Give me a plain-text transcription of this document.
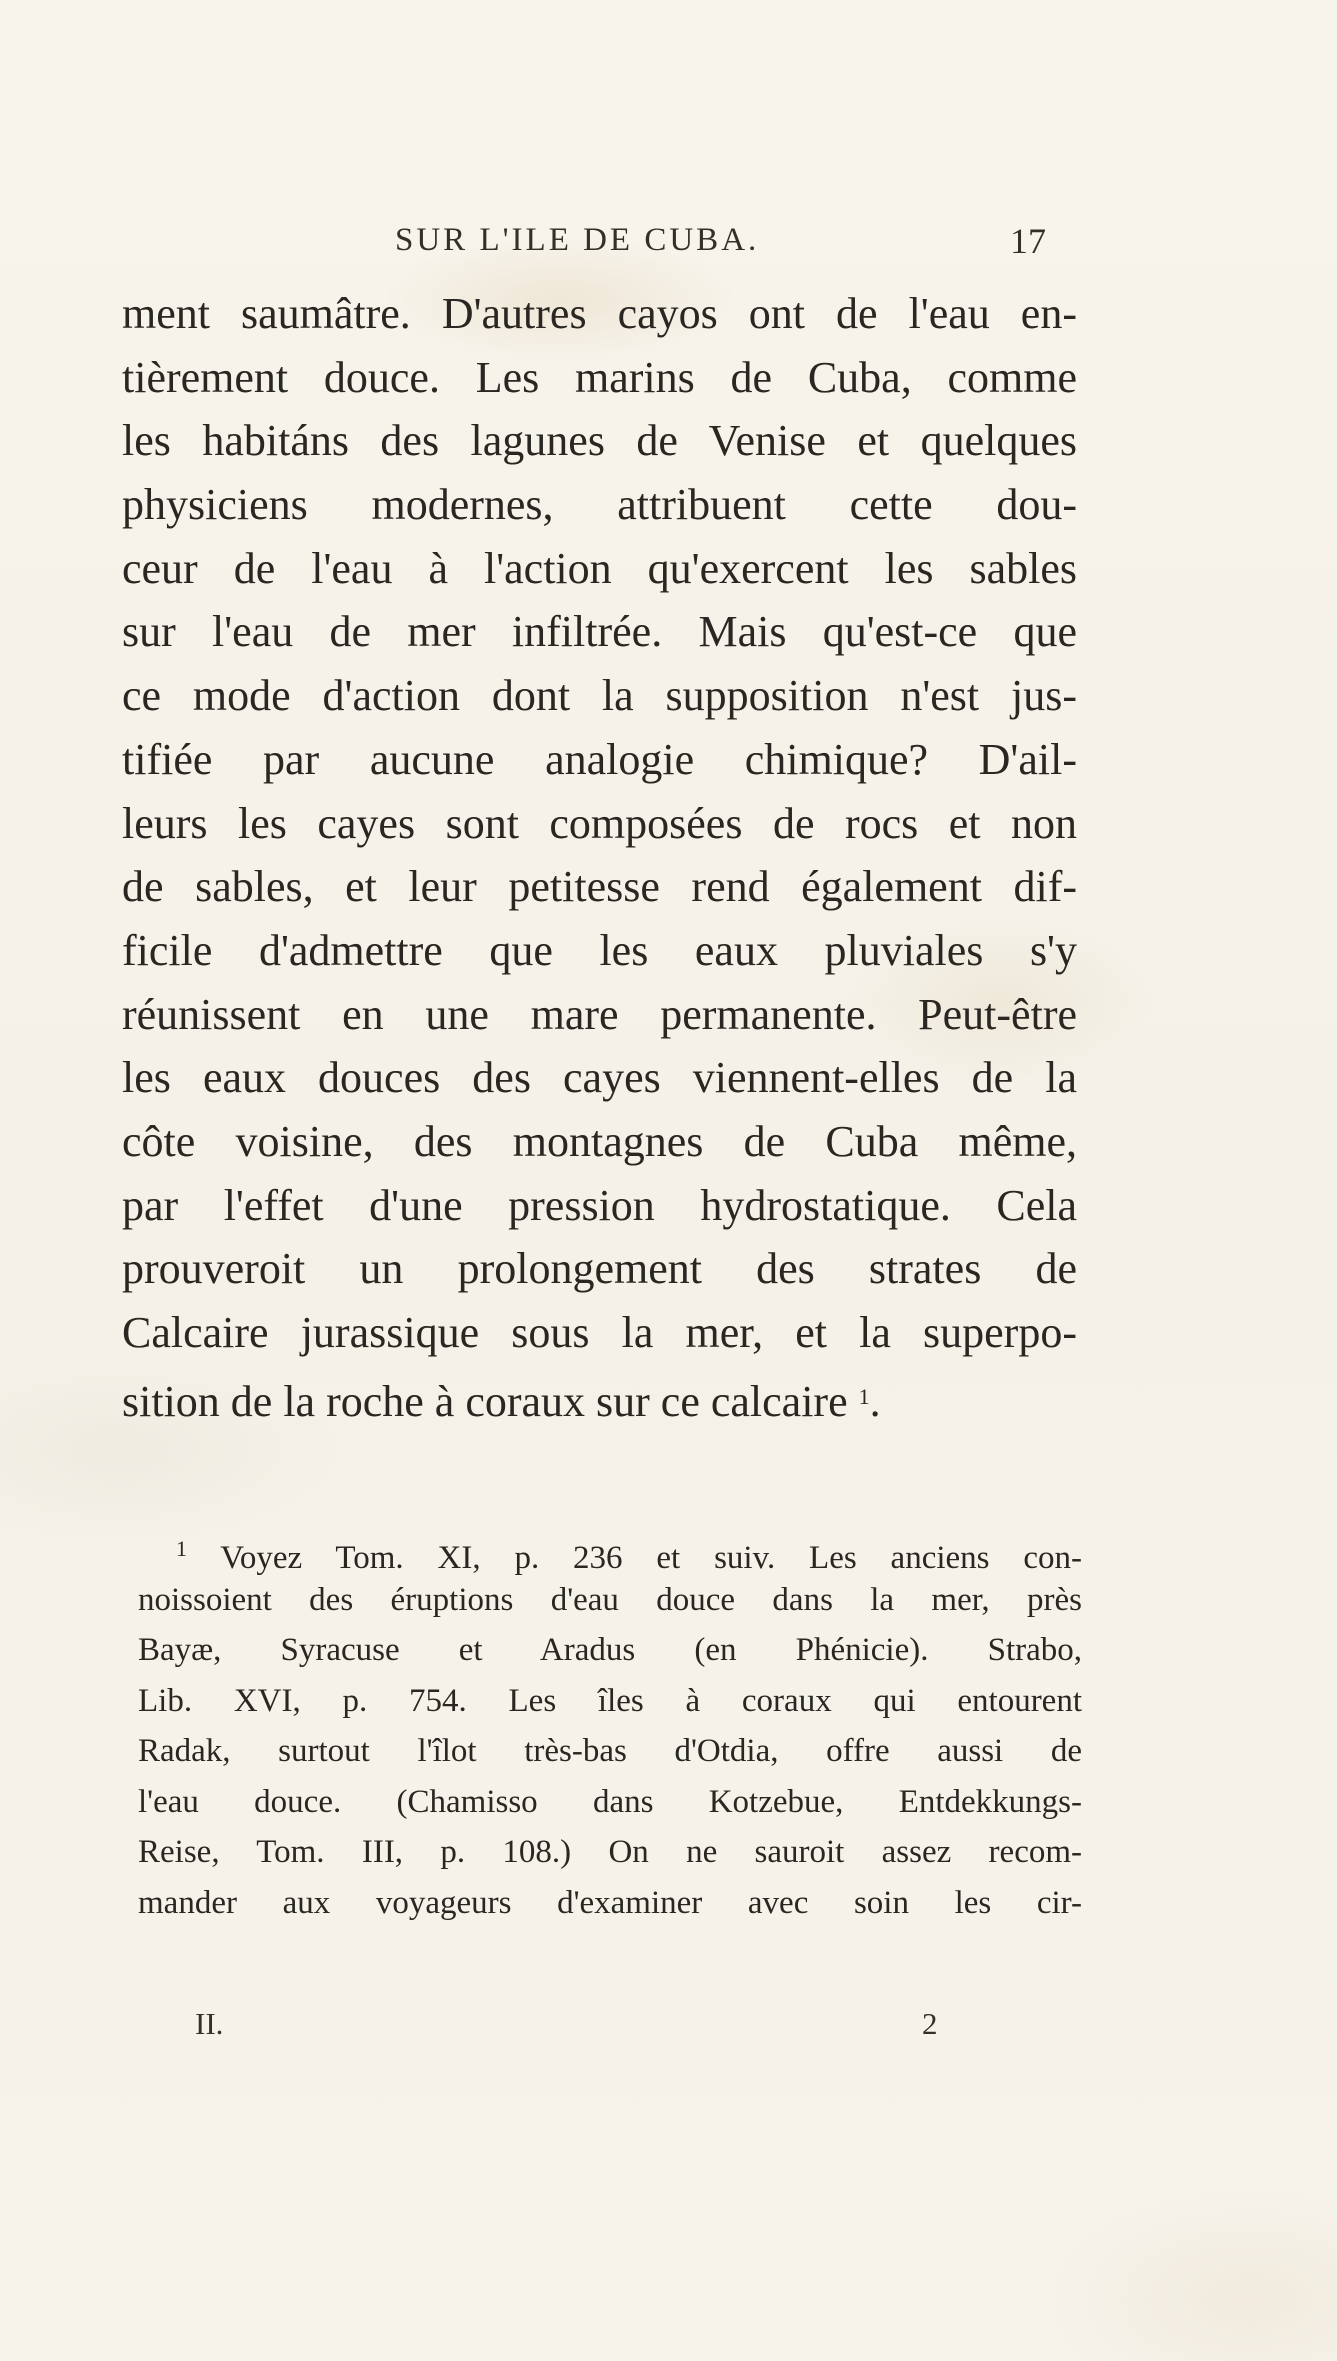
SUR L'ILE DE CUBA.	17
ment saumâtre. D'autres cayos ont de l'eau en-
tièrement douce. Les marins de Cuba, comme
les habitáns des lagunes de Venise et quelques
physiciens modernes, attribuent cette dou-
ceur de l'eau à l'action qu'exercent les sables
sur l'eau de mer infiltrée. Mais qu'est-ce que
ce mode d'action dont la supposition n'est jus-
tifiée par aucune analogie chimique? D'ail-
leurs les cayes sont composées de rocs et non
de sables, et leur petitesse rend également dif-
ficile d'admettre que les eaux pluviales s'y
réunissent en une mare permanente. Peut-être
les eaux douces des cayes viennent-elles de la
côte voisine, des montagnes de Cuba même,
par l'effet d'une pression hydrostatique. Cela
prouveroit un prolongement des strates de
Calcaire jurassique sous la mer, et la superpo-
sition de la roche à coraux sur ce calcaire $^1$.
$^1$ Voyez Tom. XI, p. 236 et suiv. Les anciens con-
noissoient des éruptions d'eau douce dans la mer, près
Bayæ, Syracuse et Aradus (en Phénicie). Strabo,
Lib. XVI, p. 754. Les îles à coraux qui entourent
Radak, surtout l'îlot très-bas d'Otdia, offre aussi de
l'eau douce. (Chamisso dans Kotzebue, Entdekkungs-
Reise, Tom. III, p. 108.) On ne sauroit assez recom-
mander aux voyageurs d'examiner avec soin les cir-
II.	2
